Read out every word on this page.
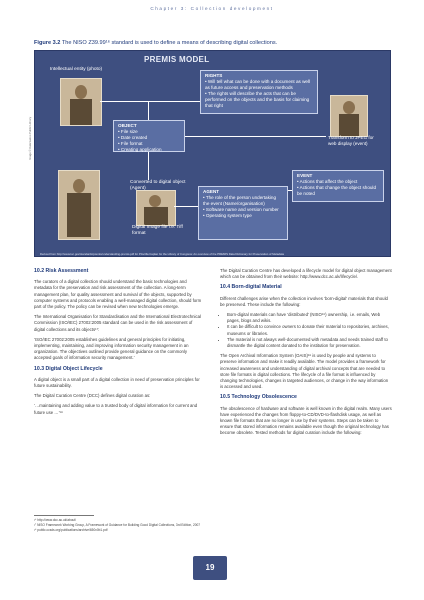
Chapter 3: Collection development
Figure 3.2 The NISO Z39.99¹⁶ standard is used to define a means of describing digital collections.
PREMIS MODEL
Intellectual entity (photo)
RIGHTS
• Will tell what can be done with a document as well as future access and preservation methods
• The rights will describe the acts that can be performed on the objects and the basis for claiming that right
OBJECT
• File size
• Date created
• File format
• Creating application
Transform to JPEG for web display (event)
Converted to digital object (Agent)
Digital Image file i.e. Tiff format
AGENT
• The role of the person undertaking the event (Name/organisation)
• Software name and version number
• Operating system type
EVENT
• Actions that affect the object
• Actions that change the object should be noted
Derived from http://www.loc.gov/standards/premis/understanding-premis.pdf for Priscilla Caplan for the Library of Congress: An overview of the PREMIS Data Dictionary for Preservation of Metadata
Image © Kalamazoo Public Library
10.2 Risk Assessment

The curators of a digital collection should understand the basic technologies and metadata for the preservation and risk assessment of the collection. A long-term management plan, for quality assessment and survival of the objects, supported by computer systems and protocols enabling a well-managed digital collection, should form part of the policy. The policy can be revised when new technologies emerge.

The International Organisation for Standardisation and the International Electrotechnical Commission (ISO/IEC) 27002:2005 standard can be used in the risk assessment of digital collections and its objects¹⁷:

‘ISO/IEC 27002:2005 establishes guidelines and general principles for initiating, implementing, maintaining, and improving information security management in an organization. The objectives outlined provide general guidance on the commonly accepted goals of information security management.’

10.3 Digital Object Lifecycle

A digital object is a small part of a digital collection in need of preservation principles for future sustainability.

The Digital Curation Centre (DCC) defines digital curation as:

‘…maintaining and adding value to a trusted body of digital information for current and future use …’¹⁸

¹⁶ http://www.dcc.ac.uk/about/
¹⁷ NISO Framework Working Group, A Framework of Guidance for Building Good Digital Collections, 3rd Edition, 2007
¹⁸ public.ccsds.org/publications/archive/650x0b1.pdf

The Digital Curation Centre has developed a lifecycle model for digital object management which can be obtained from their website: http://www.dcc.ac.uk/lifecycle/.

10.4 Born-digital Material

Different challenges arise when the collection involves ‘born-digital’ materials that should be preserved. These include the following:

• Born-digital materials can have ‘distributed’ (NISO¹⁶) ownership, i.e. emails, Web pages, blogs and wikis.
• It can be difficult to convince owners to donate their material to repositories, archives, museums or libraries.
• The material is not always well-documented with metadata and needs trained staff to dismantle the digital content donated to the institution for preservation.

The Open Archival Information System (OAIS)¹⁸ is used by people and systems to preserve information and make it readily available. The model provides a framework for increased awareness and understanding of digital archival concepts that are needed to store file formats in digital collections. The lifecycle of a file format is influenced by changing technologies, changes in targeted audiences, or change in the way information is accessed and used.

10.5 Technology Obsolescence

The obsolescence of hardware and software is well known in the digital realm. Many users have experienced the changes from floppy-to-CD/DVD-to-flashdisk usage, as well as known file formats that are no longer in use by their systems. Steps can be taken to ensure that stored information remains available even though the original technology has become obsolete. Tested methods for digital curation include the following:

19
